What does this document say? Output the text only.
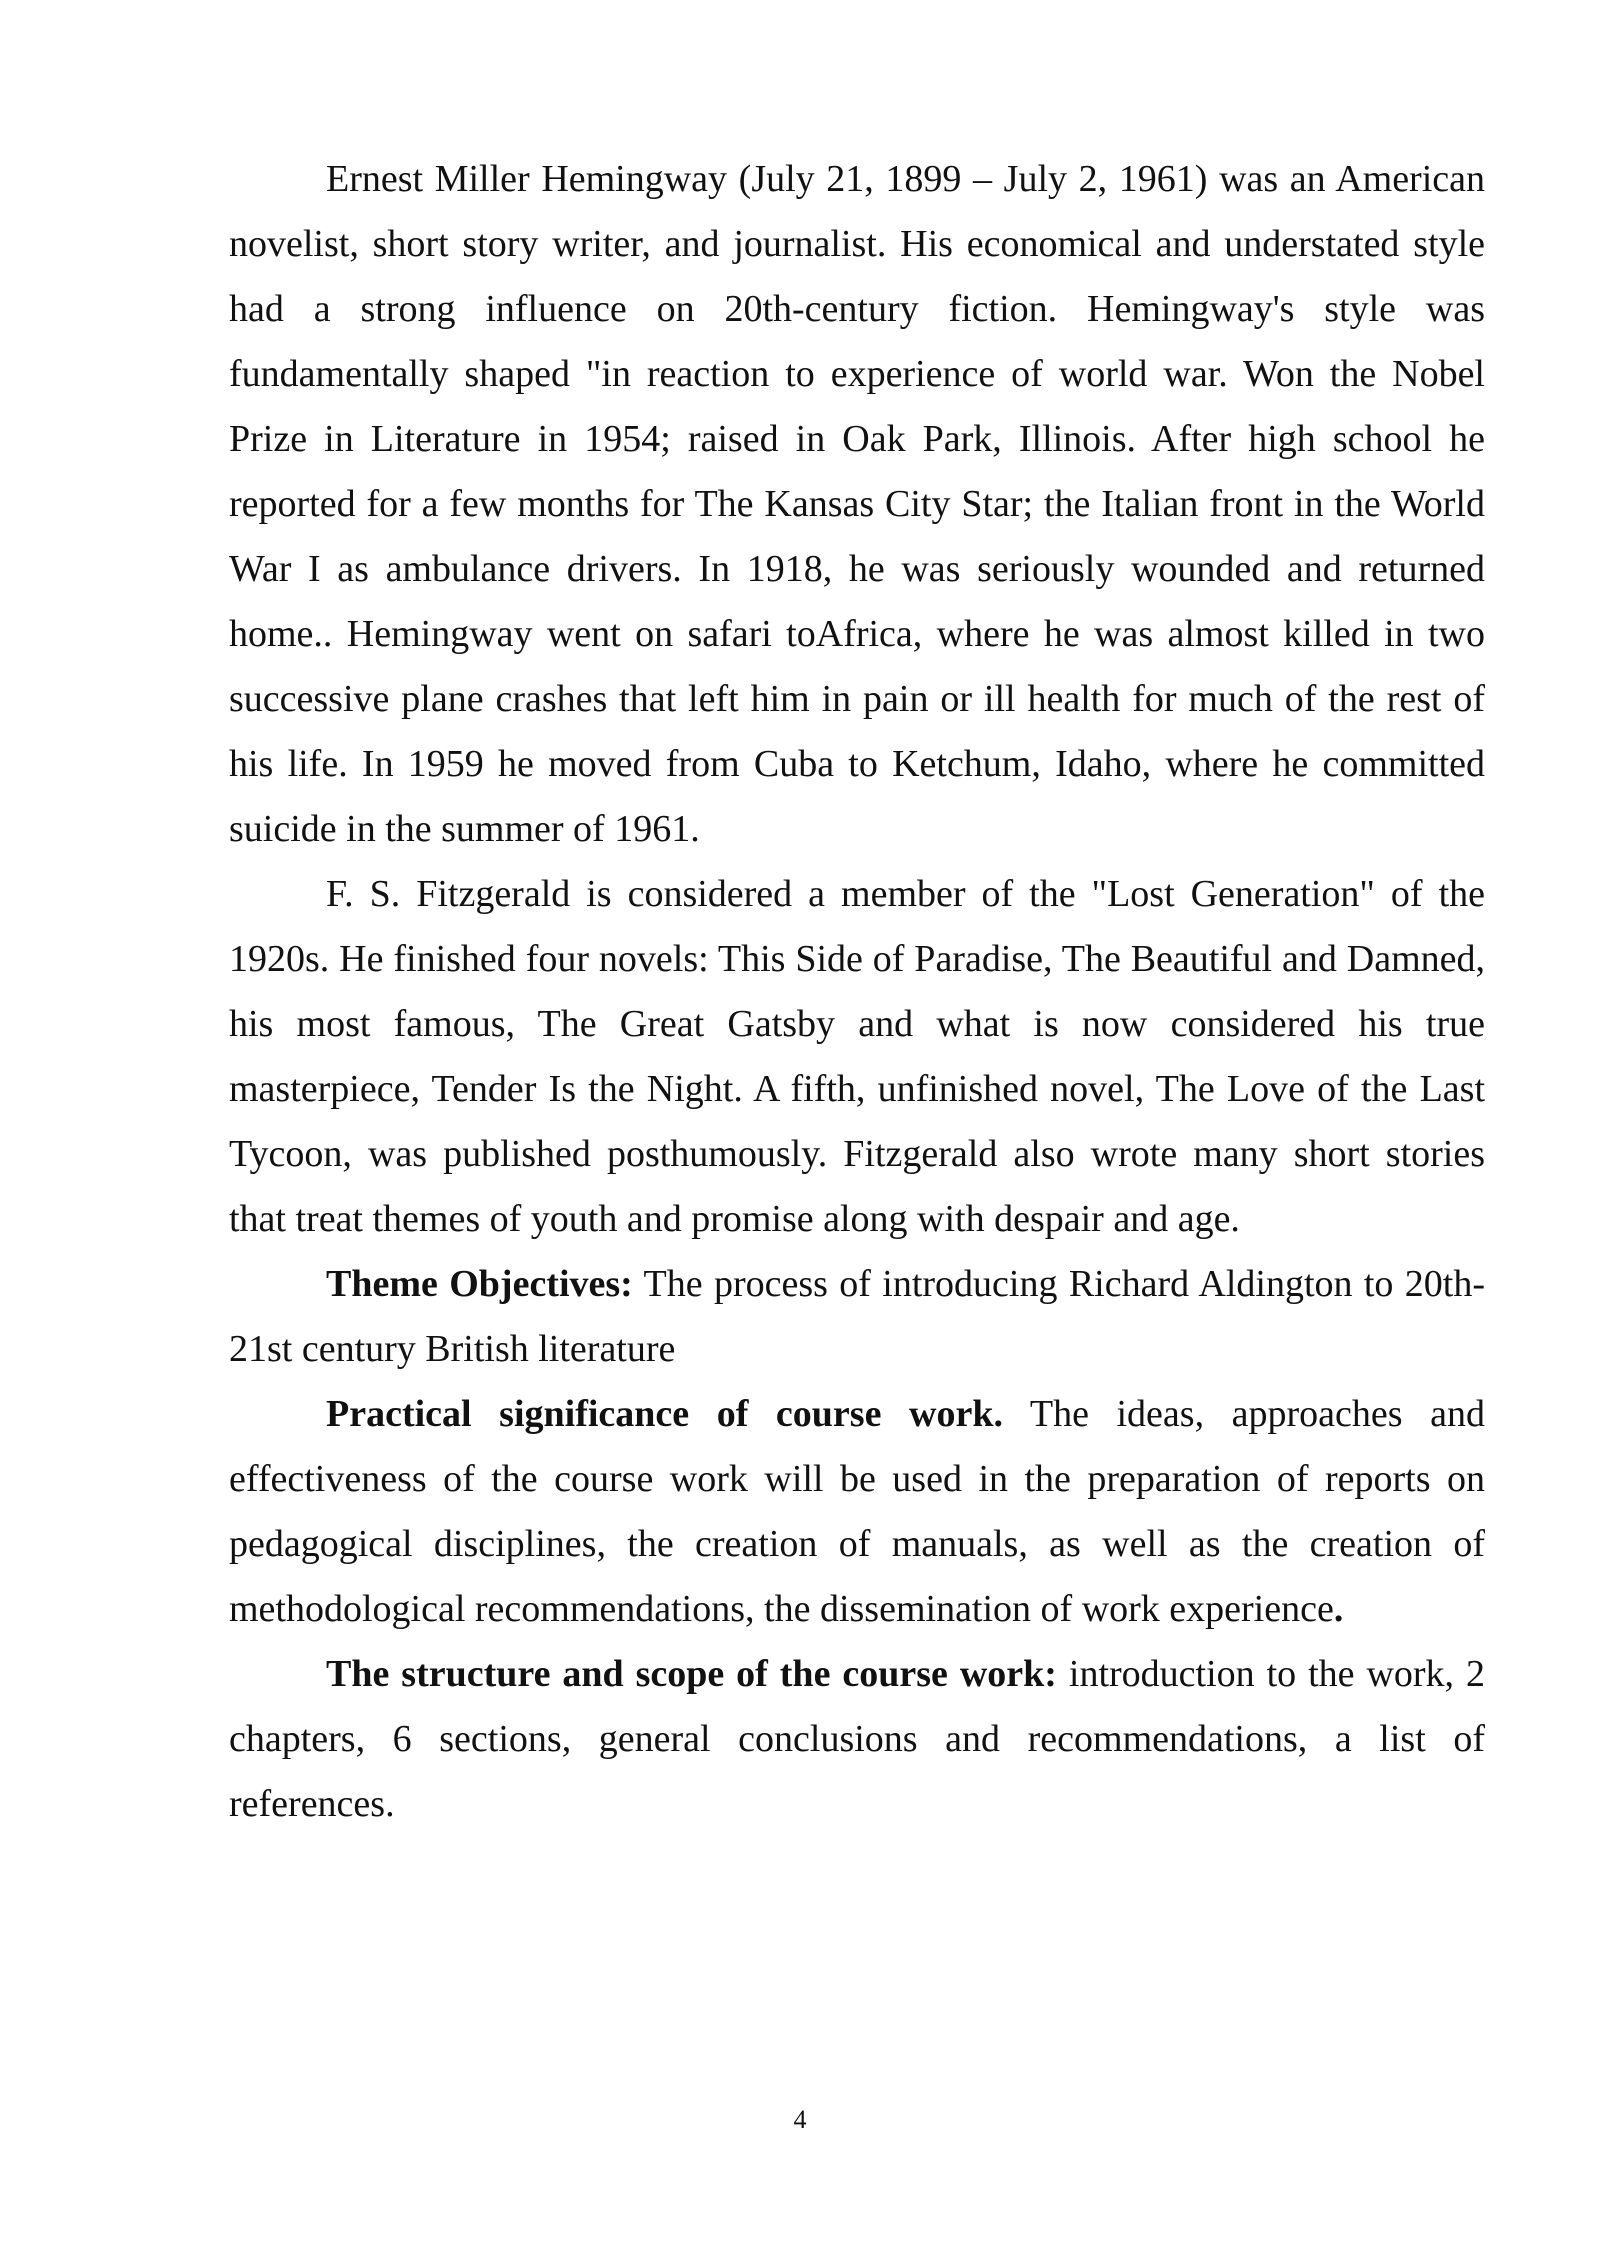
Ernest Miller Hemingway (July 21, 1899 – July 2, 1961) was an American novelist, short story writer, and journalist. His economical and understated style had a strong influence on 20th-century fiction. Hemingway's style was fundamentally shaped "in reaction to experience of world war. Won the Nobel Prize in Literature in 1954; raised in Oak Park, Illinois. After high school he reported for a few months for The Kansas City Star; the Italian front in the World War I as ambulance drivers. In 1918, he was seriously wounded and returned home.. Hemingway went on safari toAfrica, where he was almost killed in two successive plane crashes that left him in pain or ill health for much of the rest of his life. In 1959 he moved from Cuba to Ketchum, Idaho, where he committed suicide in the summer of 1961.

F. S. Fitzgerald is considered a member of the "Lost Generation" of the 1920s. He finished four novels: This Side of Paradise, The Beautiful and Damned, his most famous, The Great Gatsby and what is now considered his true masterpiece, Tender Is the Night. A fifth, unfinished novel, The Love of the Last Tycoon, was published posthumously. Fitzgerald also wrote many short stories that treat themes of youth and promise along with despair and age.

Theme Objectives: The process of introducing Richard Aldington to 20th-21st century British literature

Practical significance of course work. The ideas, approaches and effectiveness of the course work will be used in the preparation of reports on pedagogical disciplines, the creation of manuals, as well as the creation of methodological recommendations, the dissemination of work experience.

The structure and scope of the course work: introduction to the work, 2 chapters, 6 sections, general conclusions and recommendations, a list of references.

4
